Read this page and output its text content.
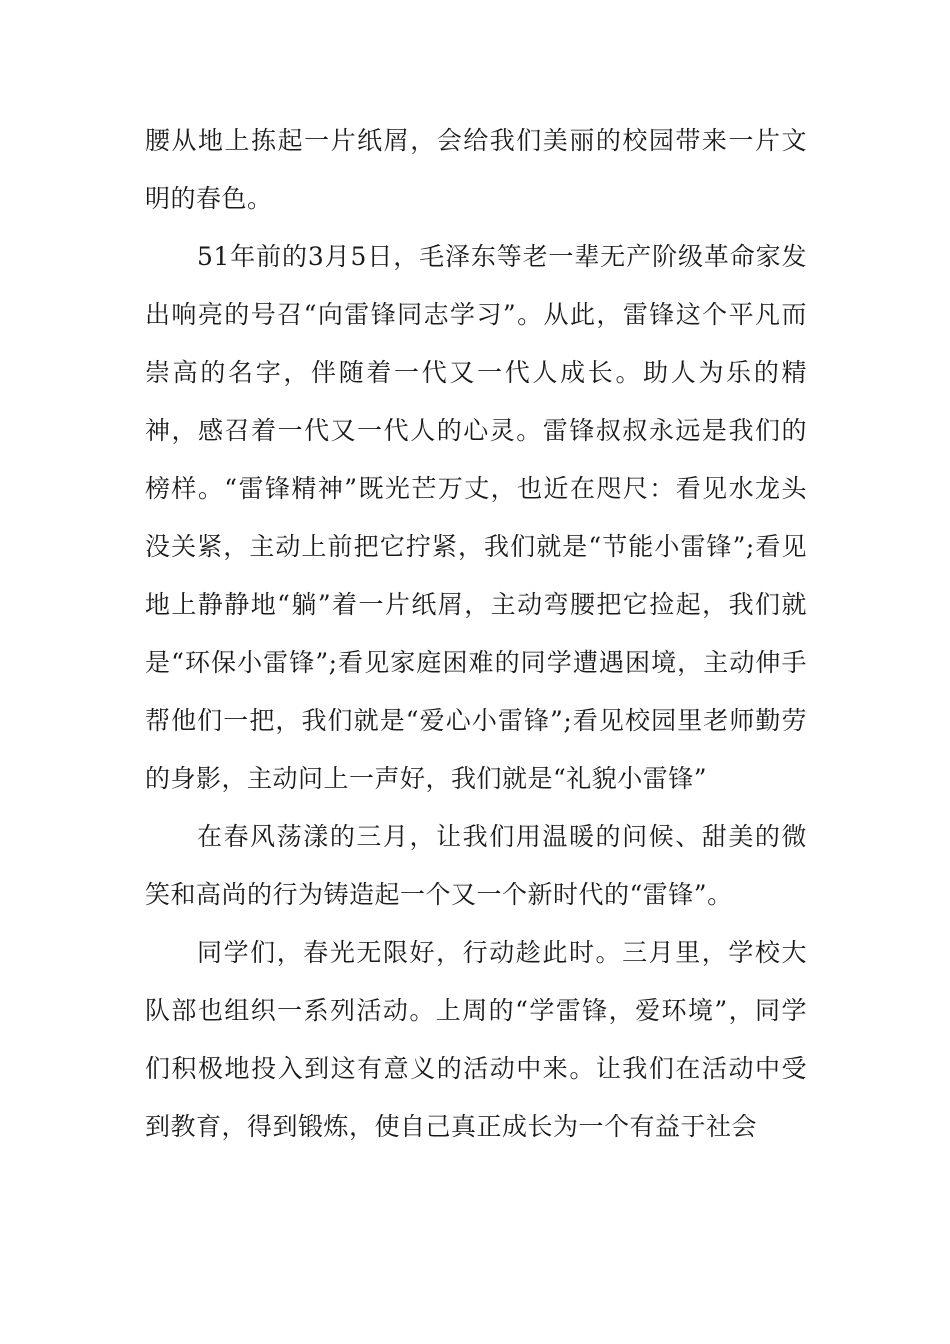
腰从地上拣起一片纸屑，会给我们美丽的校园带来一片文明的春色。

51年前的3月5日，毛泽东等老一辈无产阶级革命家发出响亮的号召“向雷锋同志学习”。从此，雷锋这个平凡而崇高的名字，伴随着一代又一代人成长。助人为乐的精神，感召着一代又一代人的心灵。雷锋叔叔永远是我们的榜样。“雷锋精神”既光芒万丈，也近在咫尺：看见水龙头没关紧，主动上前把它拧紧，我们就是“节能小雷锋”;看见地上静静地“躺”着一片纸屑，主动弯腰把它捡起，我们就是“环保小雷锋”;看见家庭困难的同学遭遇困境，主动伸手帮他们一把，我们就是“爱心小雷锋”;看见校园里老师勤劳的身影，主动问上一声好，我们就是“礼貌小雷锋”

在春风荡漾的三月，让我们用温暖的问候、甜美的微笑和高尚的行为铸造起一个又一个新时代的“雷锋”。

同学们，春光无限好，行动趁此时。三月里，学校大队部也组织一系列活动。上周的“学雷锋，爱环境”，同学们积极地投入到这有意义的活动中来。让我们在活动中受到教育，得到锻炼，使自己真正成长为一个有益于社会
